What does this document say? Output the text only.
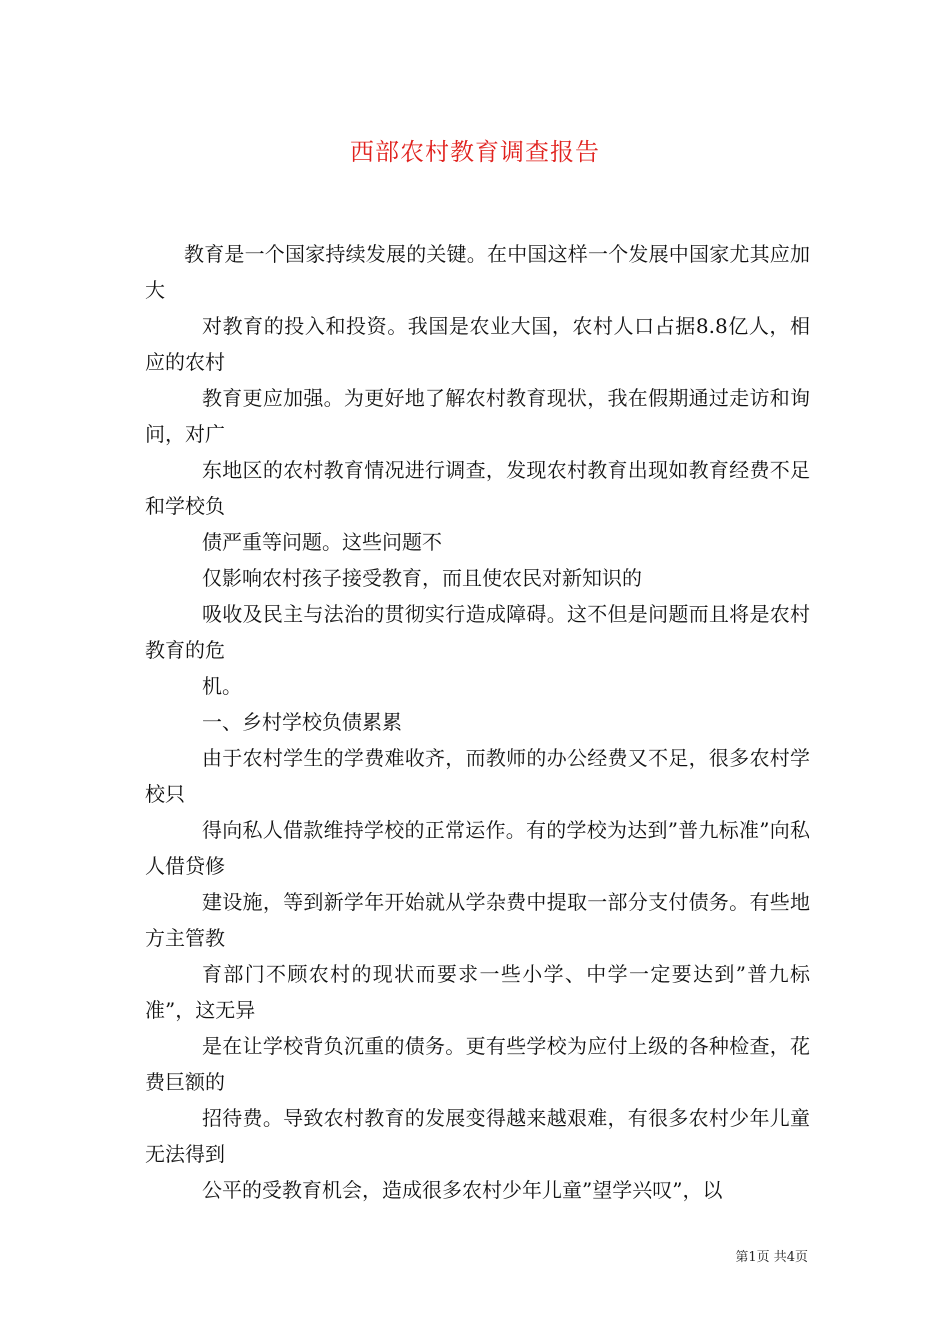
西部农村教育调查报告

教育是一个国家持续发展的关键。在中国这样一个发展中国家尤其应加大

对教育的投入和投资。我国是农业大国，农村人口占据8.8亿人，相应的农村

教育更应加强。为更好地了解农村教育现状，我在假期通过走访和询问，对广

东地区的农村教育情况进行调查，发现农村教育出现如教育经费不足和学校负

债严重等问题。这些问题不

仅影响农村孩子接受教育，而且使农民对新知识的

吸收及民主与法治的贯彻实行造成障碍。这不但是问题而且将是农村教育的危

机。

一、乡村学校负债累累

由于农村学生的学费难收齐，而教师的办公经费又不足，很多农村学校只

得向私人借款维持学校的正常运作。有的学校为达到”普九标准”向私人借贷修

建设施，等到新学年开始就从学杂费中提取一部分支付债务。有些地方主管教

育部门不顾农村的现状而要求一些小学、中学一定要达到”普九标准”，这无异

是在让学校背负沉重的债务。更有些学校为应付上级的各种检查，花费巨额的

招待费。导致农村教育的发展变得越来越艰难，有很多农村少年儿童无法得到

公平的受教育机会，造成很多农村少年儿童”望学兴叹”，以

第1页 共4页
